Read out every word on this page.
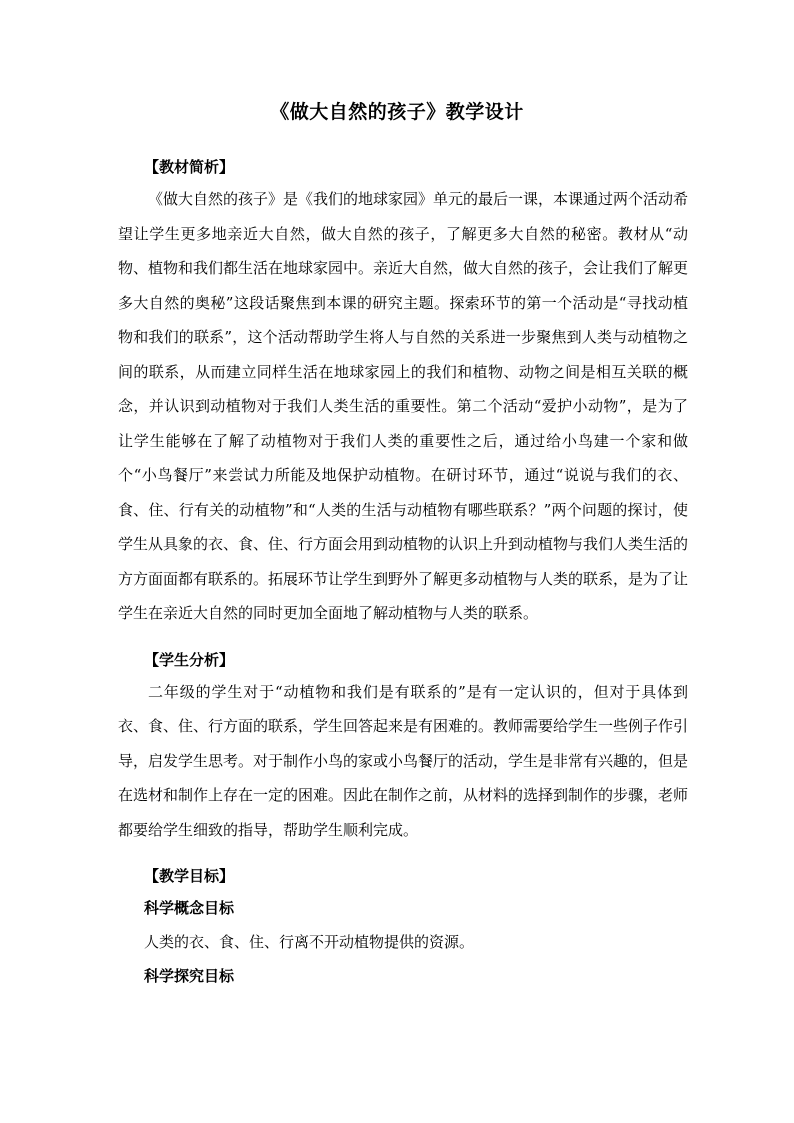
《做大自然的孩子》教学设计
【教材简析】

《做大自然的孩子》是《我们的地球家园》单元的最后一课，本课通过两个活动希望让学生更多地亲近大自然，做大自然的孩子，了解更多大自然的秘密。教材从“动物、植物和我们都生活在地球家园中。亲近大自然，做大自然的孩子，会让我们了解更多大自然的奥秘”这段话聚焦到本课的研究主题。探索环节的第一个活动是“寻找动植物和我们的联系”，这个活动帮助学生将人与自然的关系进一步聚焦到人类与动植物之间的联系，从而建立同样生活在地球家园上的我们和植物、动物之间是相互关联的概念，并认识到动植物对于我们人类生活的重要性。第二个活动“爱护小动物”，是为了让学生能够在了解了动植物对于我们人类的重要性之后，通过给小鸟建一个家和做个“小鸟餐厅”来尝试力所能及地保护动植物。在研讨环节，通过“说说与我们的衣、食、住、行有关的动植物”和“人类的生活与动植物有哪些联系？”两个问题的探讨，使学生从具象的衣、食、住、行方面会用到动植物的认识上升到动植物与我们人类生活的方方面面都有联系的。拓展环节让学生到野外了解更多动植物与人类的联系，是为了让学生在亲近大自然的同时更加全面地了解动植物与人类的联系。

【学生分析】

二年级的学生对于“动植物和我们是有联系的”是有一定认识的，但对于具体到衣、食、住、行方面的联系，学生回答起来是有困难的。教师需要给学生一些例子作引导，启发学生思考。对于制作小鸟的家或小鸟餐厅的活动，学生是非常有兴趣的，但是在选材和制作上存在一定的困难。因此在制作之前，从材料的选择到制作的步骤，老师都要给学生细致的指导，帮助学生顺利完成。

【教学目标】
科学概念目标
人类的衣、食、住、行离不开动植物提供的资源。
科学探究目标
